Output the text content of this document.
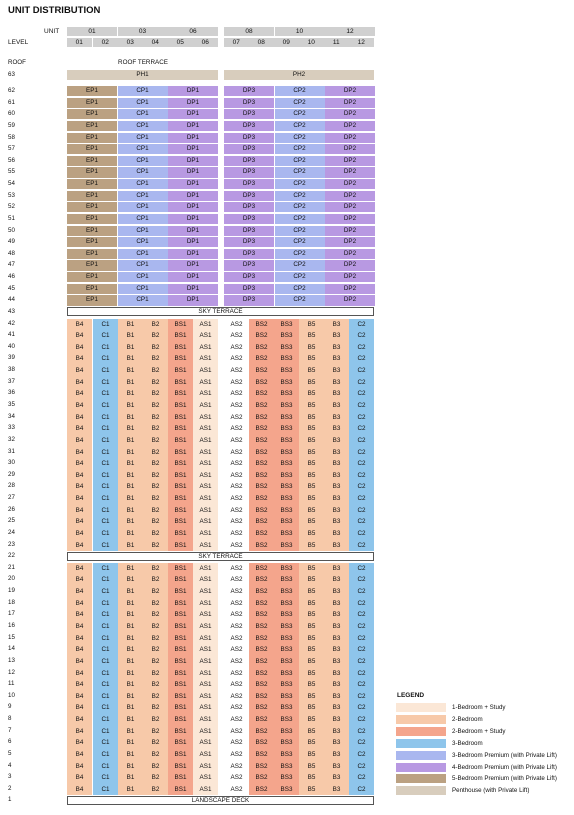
UNIT DISTRIBUTION
UNIT
LEVEL
01	03	06	08	10	12
01	02	03	04	05	06	07	08	09	10	11	12
ROOF	ROOF TERRACE
63	PH1	PH2
62	EP1	CP1	DP1	DP3	CP2	DP2
61	EP1	CP1	DP1	DP3	CP2	DP2
60	EP1	CP1	DP1	DP3	CP2	DP2
59	EP1	CP1	DP1	DP3	CP2	DP2
58	EP1	CP1	DP1	DP3	CP2	DP2
57	EP1	CP1	DP1	DP3	CP2	DP2
56	EP1	CP1	DP1	DP3	CP2	DP2
55	EP1	CP1	DP1	DP3	CP2	DP2
54	EP1	CP1	DP1	DP3	CP2	DP2
53	EP1	CP1	DP1	DP3	CP2	DP2
52	EP1	CP1	DP1	DP3	CP2	DP2
51	EP1	CP1	DP1	DP3	CP2	DP2
50	EP1	CP1	DP1	DP3	CP2	DP2
49	EP1	CP1	DP1	DP3	CP2	DP2
48	EP1	CP1	DP1	DP3	CP2	DP2
47	EP1	CP1	DP1	DP3	CP2	DP2
46	EP1	CP1	DP1	DP3	CP2	DP2
45	EP1	CP1	DP1	DP3	CP2	DP2
44	EP1	CP1	DP1	DP3	CP2	DP2
43	SKY TERRACE
22	SKY TERRACE
42	B4	C1	B1	B2	BS1	AS1	AS2	BS2	BS3	B5	B3	C2
41	B4	C1	B1	B2	BS1	AS1	AS2	BS2	BS3	B5	B3	C2
40	B4	C1	B1	B2	BS1	AS1	AS2	BS2	BS3	B5	B3	C2
39	B4	C1	B1	B2	BS1	AS1	AS2	BS2	BS3	B5	B3	C2
38	B4	C1	B1	B2	BS1	AS1	AS2	BS2	BS3	B5	B3	C2
37	B4	C1	B1	B2	BS1	AS1	AS2	BS2	BS3	B5	B3	C2
36	B4	C1	B1	B2	BS1	AS1	AS2	BS2	BS3	B5	B3	C2
35	B4	C1	B1	B2	BS1	AS1	AS2	BS2	BS3	B5	B3	C2
34	B4	C1	B1	B2	BS1	AS1	AS2	BS2	BS3	B5	B3	C2
33	B4	C1	B1	B2	BS1	AS1	AS2	BS2	BS3	B5	B3	C2
32	B4	C1	B1	B2	BS1	AS1	AS2	BS2	BS3	B5	B3	C2
31	B4	C1	B1	B2	BS1	AS1	AS2	BS2	BS3	B5	B3	C2
30	B4	C1	B1	B2	BS1	AS1	AS2	BS2	BS3	B5	B3	C2
29	B4	C1	B1	B2	BS1	AS1	AS2	BS2	BS3	B5	B3	C2
28	B4	C1	B1	B2	BS1	AS1	AS2	BS2	BS3	B5	B3	C2
27	B4	C1	B1	B2	BS1	AS1	AS2	BS2	BS3	B5	B3	C2
26	B4	C1	B1	B2	BS1	AS1	AS2	BS2	BS3	B5	B3	C2
25	B4	C1	B1	B2	BS1	AS1	AS2	BS2	BS3	B5	B3	C2
24	B4	C1	B1	B2	BS1	AS1	AS2	BS2	BS3	B5	B3	C2
23	B4	C1	B1	B2	BS1	AS1	AS2	BS2	BS3	B5	B3	C2
21	B4	C1	B1	B2	BS1	AS1	AS2	BS2	BS3	B5	B3	C2
20	B4	C1	B1	B2	BS1	AS1	AS2	BS2	BS3	B5	B3	C2
19	B4	C1	B1	B2	BS1	AS1	AS2	BS2	BS3	B5	B3	C2
18	B4	C1	B1	B2	BS1	AS1	AS2	BS2	BS3	B5	B3	C2
17	B4	C1	B1	B2	BS1	AS1	AS2	BS2	BS3	B5	B3	C2
16	B4	C1	B1	B2	BS1	AS1	AS2	BS2	BS3	B5	B3	C2
15	B4	C1	B1	B2	BS1	AS1	AS2	BS2	BS3	B5	B3	C2
14	B4	C1	B1	B2	BS1	AS1	AS2	BS2	BS3	B5	B3	C2
13	B4	C1	B1	B2	BS1	AS1	AS2	BS2	BS3	B5	B3	C2
12	B4	C1	B1	B2	BS1	AS1	AS2	BS2	BS3	B5	B3	C2
11	B4	C1	B1	B2	BS1	AS1	AS2	BS2	BS3	B5	B3	C2
10	B4	C1	B1	B2	BS1	AS1	AS2	BS2	BS3	B5	B3	C2
9	B4	C1	B1	B2	BS1	AS1	AS2	BS2	BS3	B5	B3	C2
8	B4	C1	B1	B2	BS1	AS1	AS2	BS2	BS3	B5	B3	C2
7	B4	C1	B1	B2	BS1	AS1	AS2	BS2	BS3	B5	B3	C2
6	B4	C1	B1	B2	BS1	AS1	AS2	BS2	BS3	B5	B3	C2
5	B4	C1	B1	B2	BS1	AS1	AS2	BS2	BS3	B5	B3	C2
4	B4	C1	B1	B2	BS1	AS1	AS2	BS2	BS3	B5	B3	C2
3	B4	C1	B1	B2	BS1	AS1	AS2	BS2	BS3	B5	B3	C2
2	B4	C1	B1	B2	BS1	AS1	AS2	BS2	BS3	B5	B3	C2
1	LANDSCAPE DECK
LEGEND
1-Bedroom + Study
2-Bedroom
2-Bedroom + Study
3-Bedroom
3-Bedroom Premium (with Private Lift)
4-Bedroom Premium (with Private Lift)
5-Bedroom Premium (with Private Lift)
Penthouse (with Private Lift)
